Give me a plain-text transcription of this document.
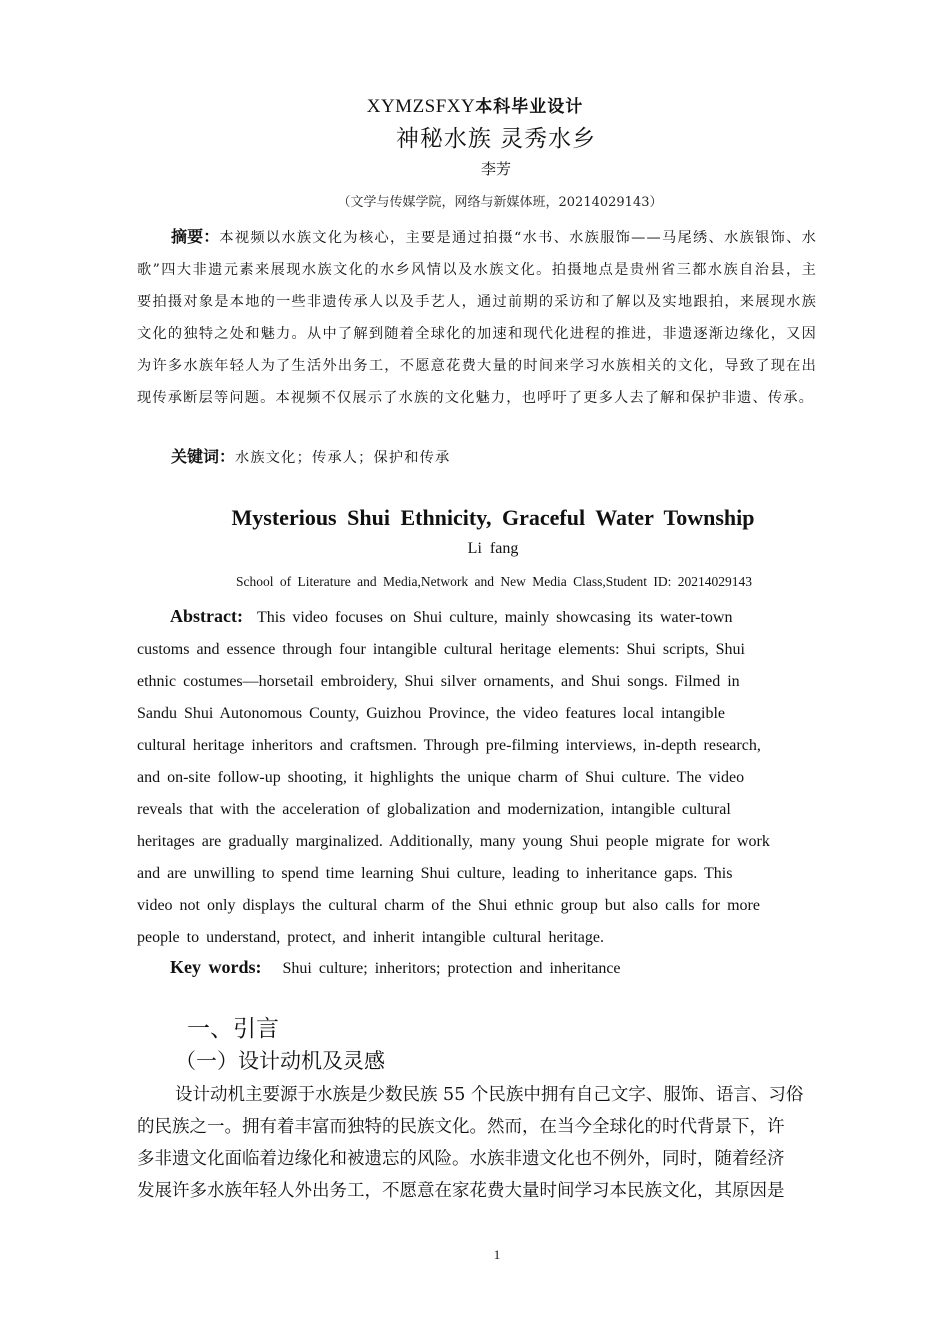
XYMZSFXY本科毕业设计
神秘水族 灵秀水乡
李芳
（文学与传媒学院，网络与新媒体班，20214029143）
摘要：本视频以水族文化为核心，主要是通过拍摄“水书、水族服饰——马尾绣、水族银饰、水歌”四大非遗元素来展现水族文化的水乡风情以及水族文化。拍摄地点是贵州省三都水族自治县，主要拍摄对象是本地的一些非遗传承人以及手艺人，通过前期的采访和了解以及实地跟拍，来展现水族文化的独特之处和魅力。从中了解到随着全球化的加速和现代化进程的推进，非遗逐渐边缘化，又因为许多水族年轻人为了生活外出务工，不愿意花费大量的时间来学习水族相关的文化，导致了现在出现传承断层等问题。本视频不仅展示了水族的文化魅力，也呼吁了更多人去了解和保护非遗、传承。
关键词：水族文化；传承人；保护和传承
Mysterious Shui Ethnicity, Graceful Water Township
Li fang
School of Literature and Media,Network and New Media Class,Student ID: 20214029143
Abstract: This video focuses on Shui culture, mainly showcasing its water-town
customs and essence through four intangible cultural heritage elements: Shui scripts, Shui
ethnic costumes—horsetail embroidery, Shui silver ornaments, and Shui songs. Filmed in
Sandu Shui Autonomous County, Guizhou Province, the video features local intangible
cultural heritage inheritors and craftsmen. Through pre-filming interviews, in-depth research,
and on-site follow-up shooting, it highlights the unique charm of Shui culture. The video
reveals that with the acceleration of globalization and modernization, intangible cultural
heritages are gradually marginalized. Additionally, many young Shui people migrate for work
and are unwilling to spend time learning Shui culture, leading to inheritance gaps. This
video not only displays the cultural charm of the Shui ethnic group but also calls for more
people to understand, protect, and inherit intangible cultural heritage.
Key words: Shui culture; inheritors; protection and inheritance
一、引言
（一）设计动机及灵感
设计动机主要源于水族是少数民族 55 个民族中拥有自己文字、服饰、语言、习俗
的民族之一。拥有着丰富而独特的民族文化。然而，在当今全球化的时代背景下，许
多非遗文化面临着边缘化和被遗忘的风险。水族非遗文化也不例外，同时，随着经济
发展许多水族年轻人外出务工，不愿意在家花费大量时间学习本民族文化，其原因是
1
